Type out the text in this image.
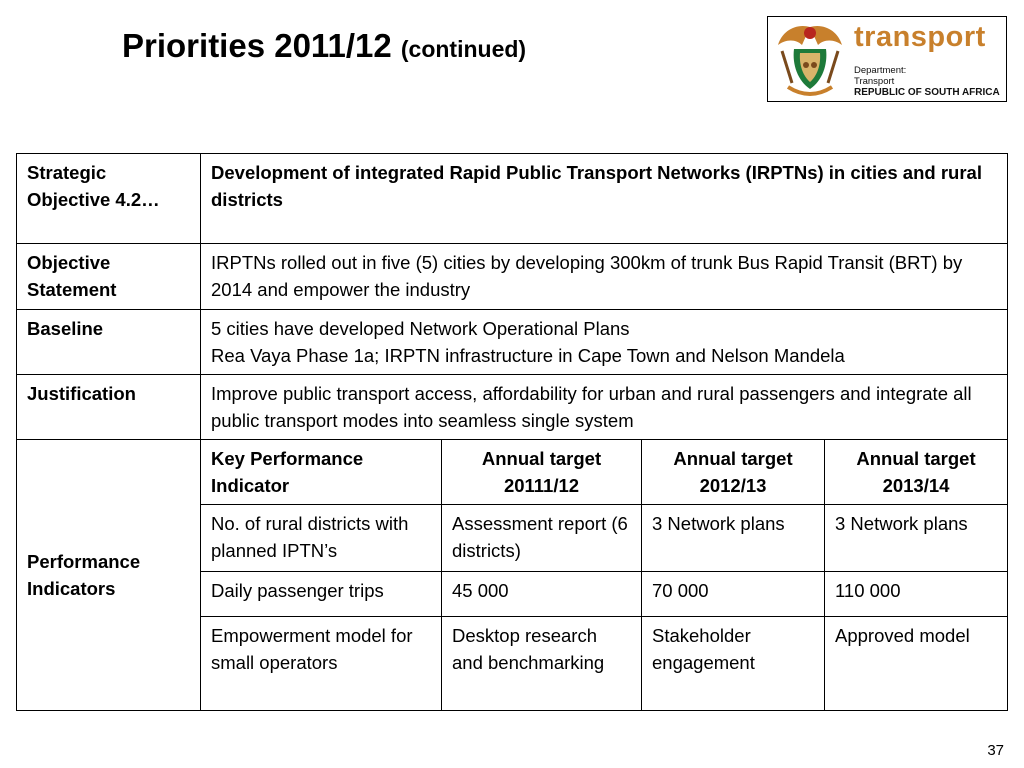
Priorities 2011/12 (continued)	transport
Department:
Transport
REPUBLIC OF SOUTH AFRICA
Strategic Objective 4.2…	Development of integrated Rapid Public Transport Networks (IRPTNs) in cities and rural districts			
Objective Statement	IRPTNs rolled out in five (5) cities by developing 300km of trunk Bus Rapid Transit (BRT) by 2014 and empower the industry			
Baseline	5 cities have developed Network Operational Plans
Rea Vaya Phase 1a; IRPTN infrastructure in Cape Town and Nelson Mandela			

Justification	Improve public transport access, affordability for urban and rural passengers and integrate all public transport modes into seamless single system			
Performance Indicators	Key Performance Indicator	Annual target 20111/12	Annual target 2012/13	Annual target 2013/14
	No. of rural districts with planned IPTN’s	Assessment report (6 districts)	3 Network plans	3 Network plans
	Daily passenger trips	45 000	70 000	110 000
	Empowerment model for small operators	Desktop research and benchmarking	Stakeholder engagement	Approved model
37
